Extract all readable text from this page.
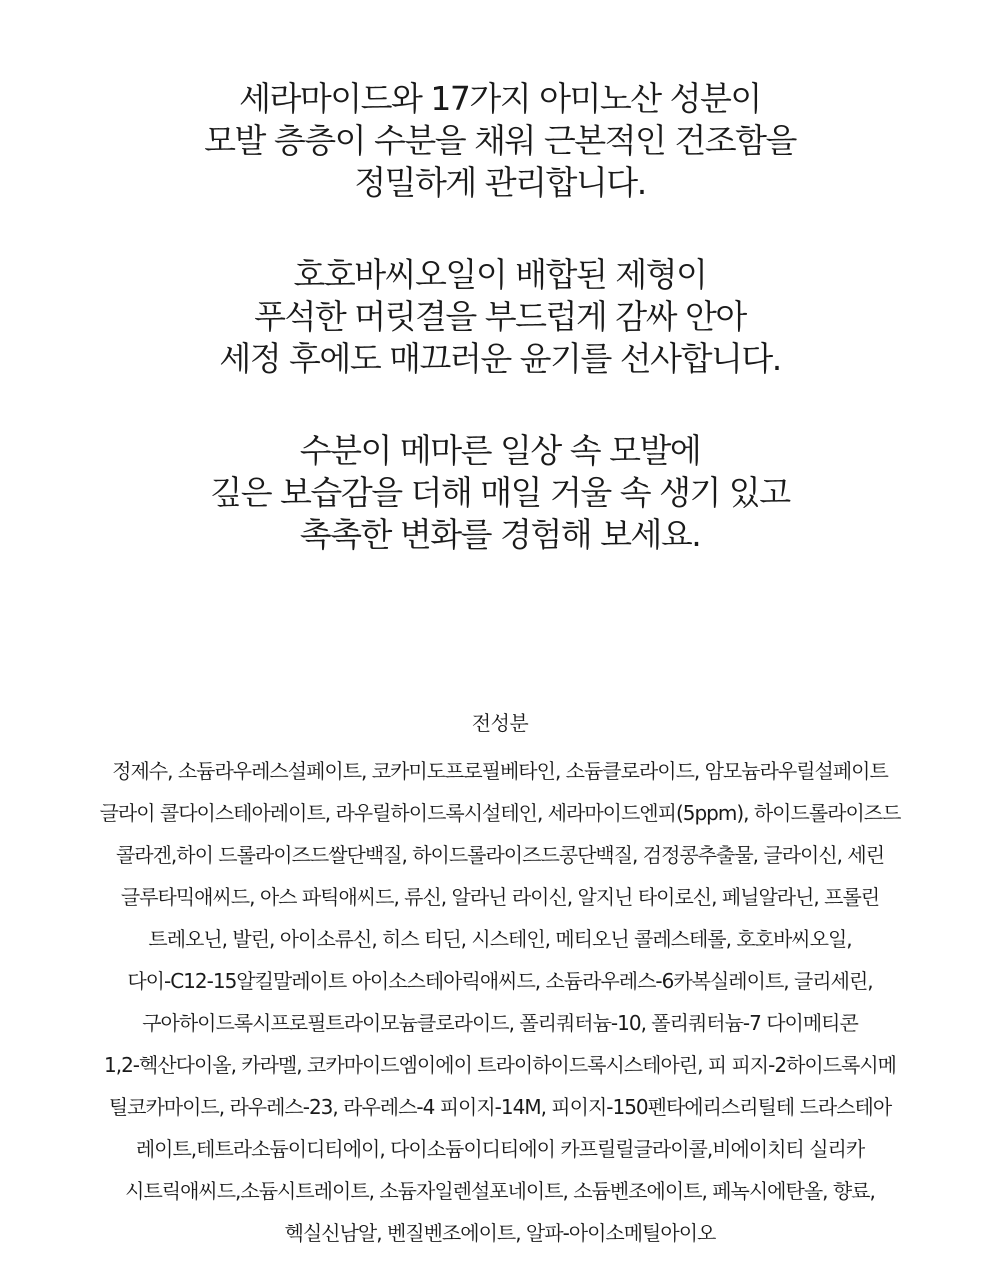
세라마이드와 17가지 아미노산 성분이
모발 층층이 수분을 채워 근본적인 건조함을
정밀하게 관리합니다.
호호바씨오일이 배합된 제형이
푸석한 머릿결을 부드럽게 감싸 안아
세정 후에도 매끄러운 윤기를 선사합니다.
수분이 메마른 일상 속 모발에
깊은 보습감을 더해 매일 거울 속 생기 있고
촉촉한 변화를 경험해 보세요.
전성분
정제수, 소듐라우레스설페이트, 코카미도프로필베타인, 소듐클로라이드, 암모늄라우릴설페이트
글라이 콜다이스테아레이트, 라우릴하이드록시설테인, 세라마이드엔피(5ppm), 하이드롤라이즈드
콜라겐,하이 드롤라이즈드쌀단백질, 하이드롤라이즈드콩단백질, 검정콩추출물, 글라이신, 세린
글루타믹애씨드, 아스 파틱애씨드, 류신, 알라닌 라이신, 알지닌 타이로신, 페닐알라닌, 프롤린
트레오닌, 발린, 아이소류신, 히스 티딘, 시스테인, 메티오닌 콜레스테롤, 호호바씨오일,
다이-C12-15알킬말레이트 아이소스테아릭애씨드, 소듐라우레스-6카복실레이트, 글리세린,
구아하이드록시프로필트라이모늄클로라이드, 폴리쿼터늄-10, 폴리쿼터늄-7 다이메티콘
1,2-헥산다이올, 카라멜, 코카마이드엠이에이 트라이하이드록시스테아린, 피 피지-2하이드록시메
틸코카마이드, 라우레스-23, 라우레스-4 피이지-14M, 피이지-150펜타에리스리틸테 드라스테아
레이트,테트라소듐이디티에이, 다이소듐이디티에이 카프릴릴글라이콜,비에이치티 실리카
시트릭애씨드,소듐시트레이트, 소듐자일렌설포네이트, 소듐벤조에이트, 페녹시에탄올, 향료,
헥실신남알, 벤질벤조에이트, 알파-아이소메틸아이오
